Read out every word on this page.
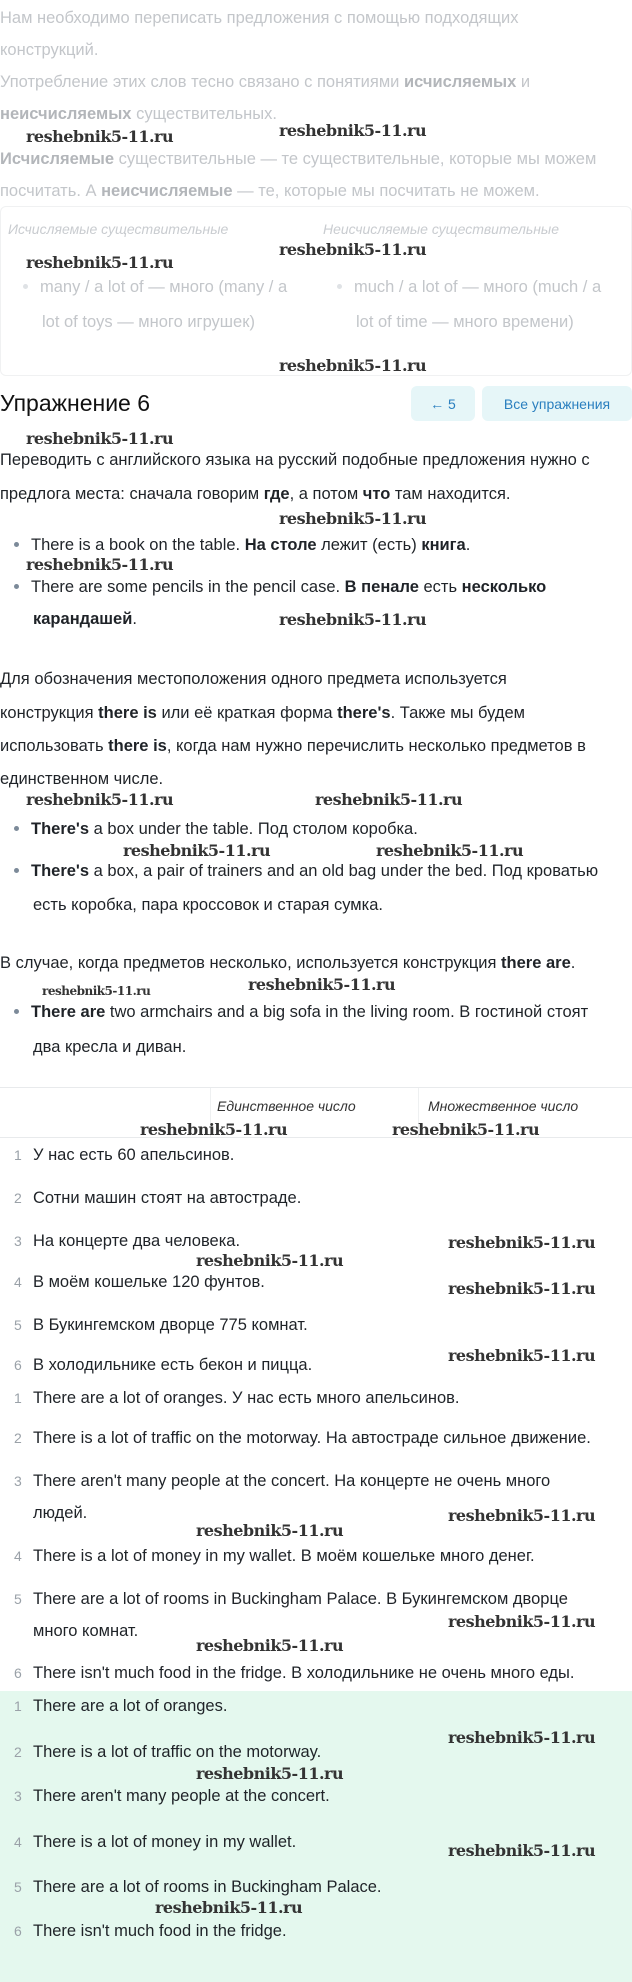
Нам необходимо переписать предложения с помощью подходящих

конструкций.

Употребление этих слов тесно связано с понятиями исчисляемых и

неисчисляемых существительных.

Исчисляемые существительные — те существительные, которые мы можем

посчитать. А неисчисляемые — те, которые мы посчитать не можем.

Исчисляемые существительные	Неисчисляемые существительные
many / a lot of — много (many / a
lot of toys — много игрушек)
much / a lot of — много (much / a
lot of time — много времени)
Упражнение 6	← 5	Все упражнения

Переводить с английского языка на русский подобные предложения нужно с

предлога места: сначала говорим где, а потом что там находится.

There is a book on the table. На столе лежит (есть) книга.
There are some pencils in the pencil case. В пенале есть несколько
карандашей.

Для обозначения местоположения одного предмета используется

конструкция there is или её краткая форма there's. Также мы будем

использовать there is, когда нам нужно перечислить несколько предметов в

единственном числе.

There's a box under the table. Под столом коробка.
There's a box, a pair of trainers and an old bag under the bed. Под кроватью
есть коробка, пара кроссовок и старая сумка.

В случае, когда предметов несколько, используется конструкция there are.

There are two armchairs and a big sofa in the living room. В гостиной стоят
два кресла и диван.
Единственное число	Множественное число
1 У нас есть 60 апельсинов.
2 Сотни машин стоят на автостраде.
3 На концерте два человека.
4 В моём кошельке 120 фунтов.
5 В Букингемском дворце 775 комнат.
6 В холодильнике есть бекон и пицца.
1 There are a lot of oranges. У нас есть много апельсинов.
2 There is a lot of traffic on the motorway. На автостраде сильное движение.
3 There aren't many people at the concert. На концерте не очень много
людей.
4 There is a lot of money in my wallet. В моём кошельке много денег.
5 There are a lot of rooms in Buckingham Palace. В Букингемском дворце
много комнат.
6 There isn't much food in the fridge. В холодильнике не очень много еды.
1 There are a lot of oranges.
2 There is a lot of traffic on the motorway.
3 There aren't many people at the concert.
4 There is a lot of money in my wallet.
5 There are a lot of rooms in Buckingham Palace.
6 There isn't much food in the fridge.
reshebnik5-11.ru	reshebnik5-11.ru
reshebnik5-11.ru
reshebnik5-11.ru
reshebnik5-11.ru
reshebnik5-11.ru
reshebnik5-11.ru
reshebnik5-11.ru
reshebnik5-11.ru
reshebnik5-11.ru	reshebnik5-11.ru
reshebnik5-11.ru	reshebnik5-11.ru
reshebnik5-11.ru
reshebnik5-11.ru	reshebnik5-11.ru
reshebnik5-11.ru
reshebnik5-11.ru
reshebnik5-11.ru
reshebnik5-11.ru
reshebnik5-11.ru
reshebnik5-11.ru
reshebnik5-11.ru
reshebnik5-11.ru
reshebnik5-11.ru
reshebnik5-11.ru
reshebnik5-11.ru
reshebnik5-11.ru
reshebnik5-11.ru
